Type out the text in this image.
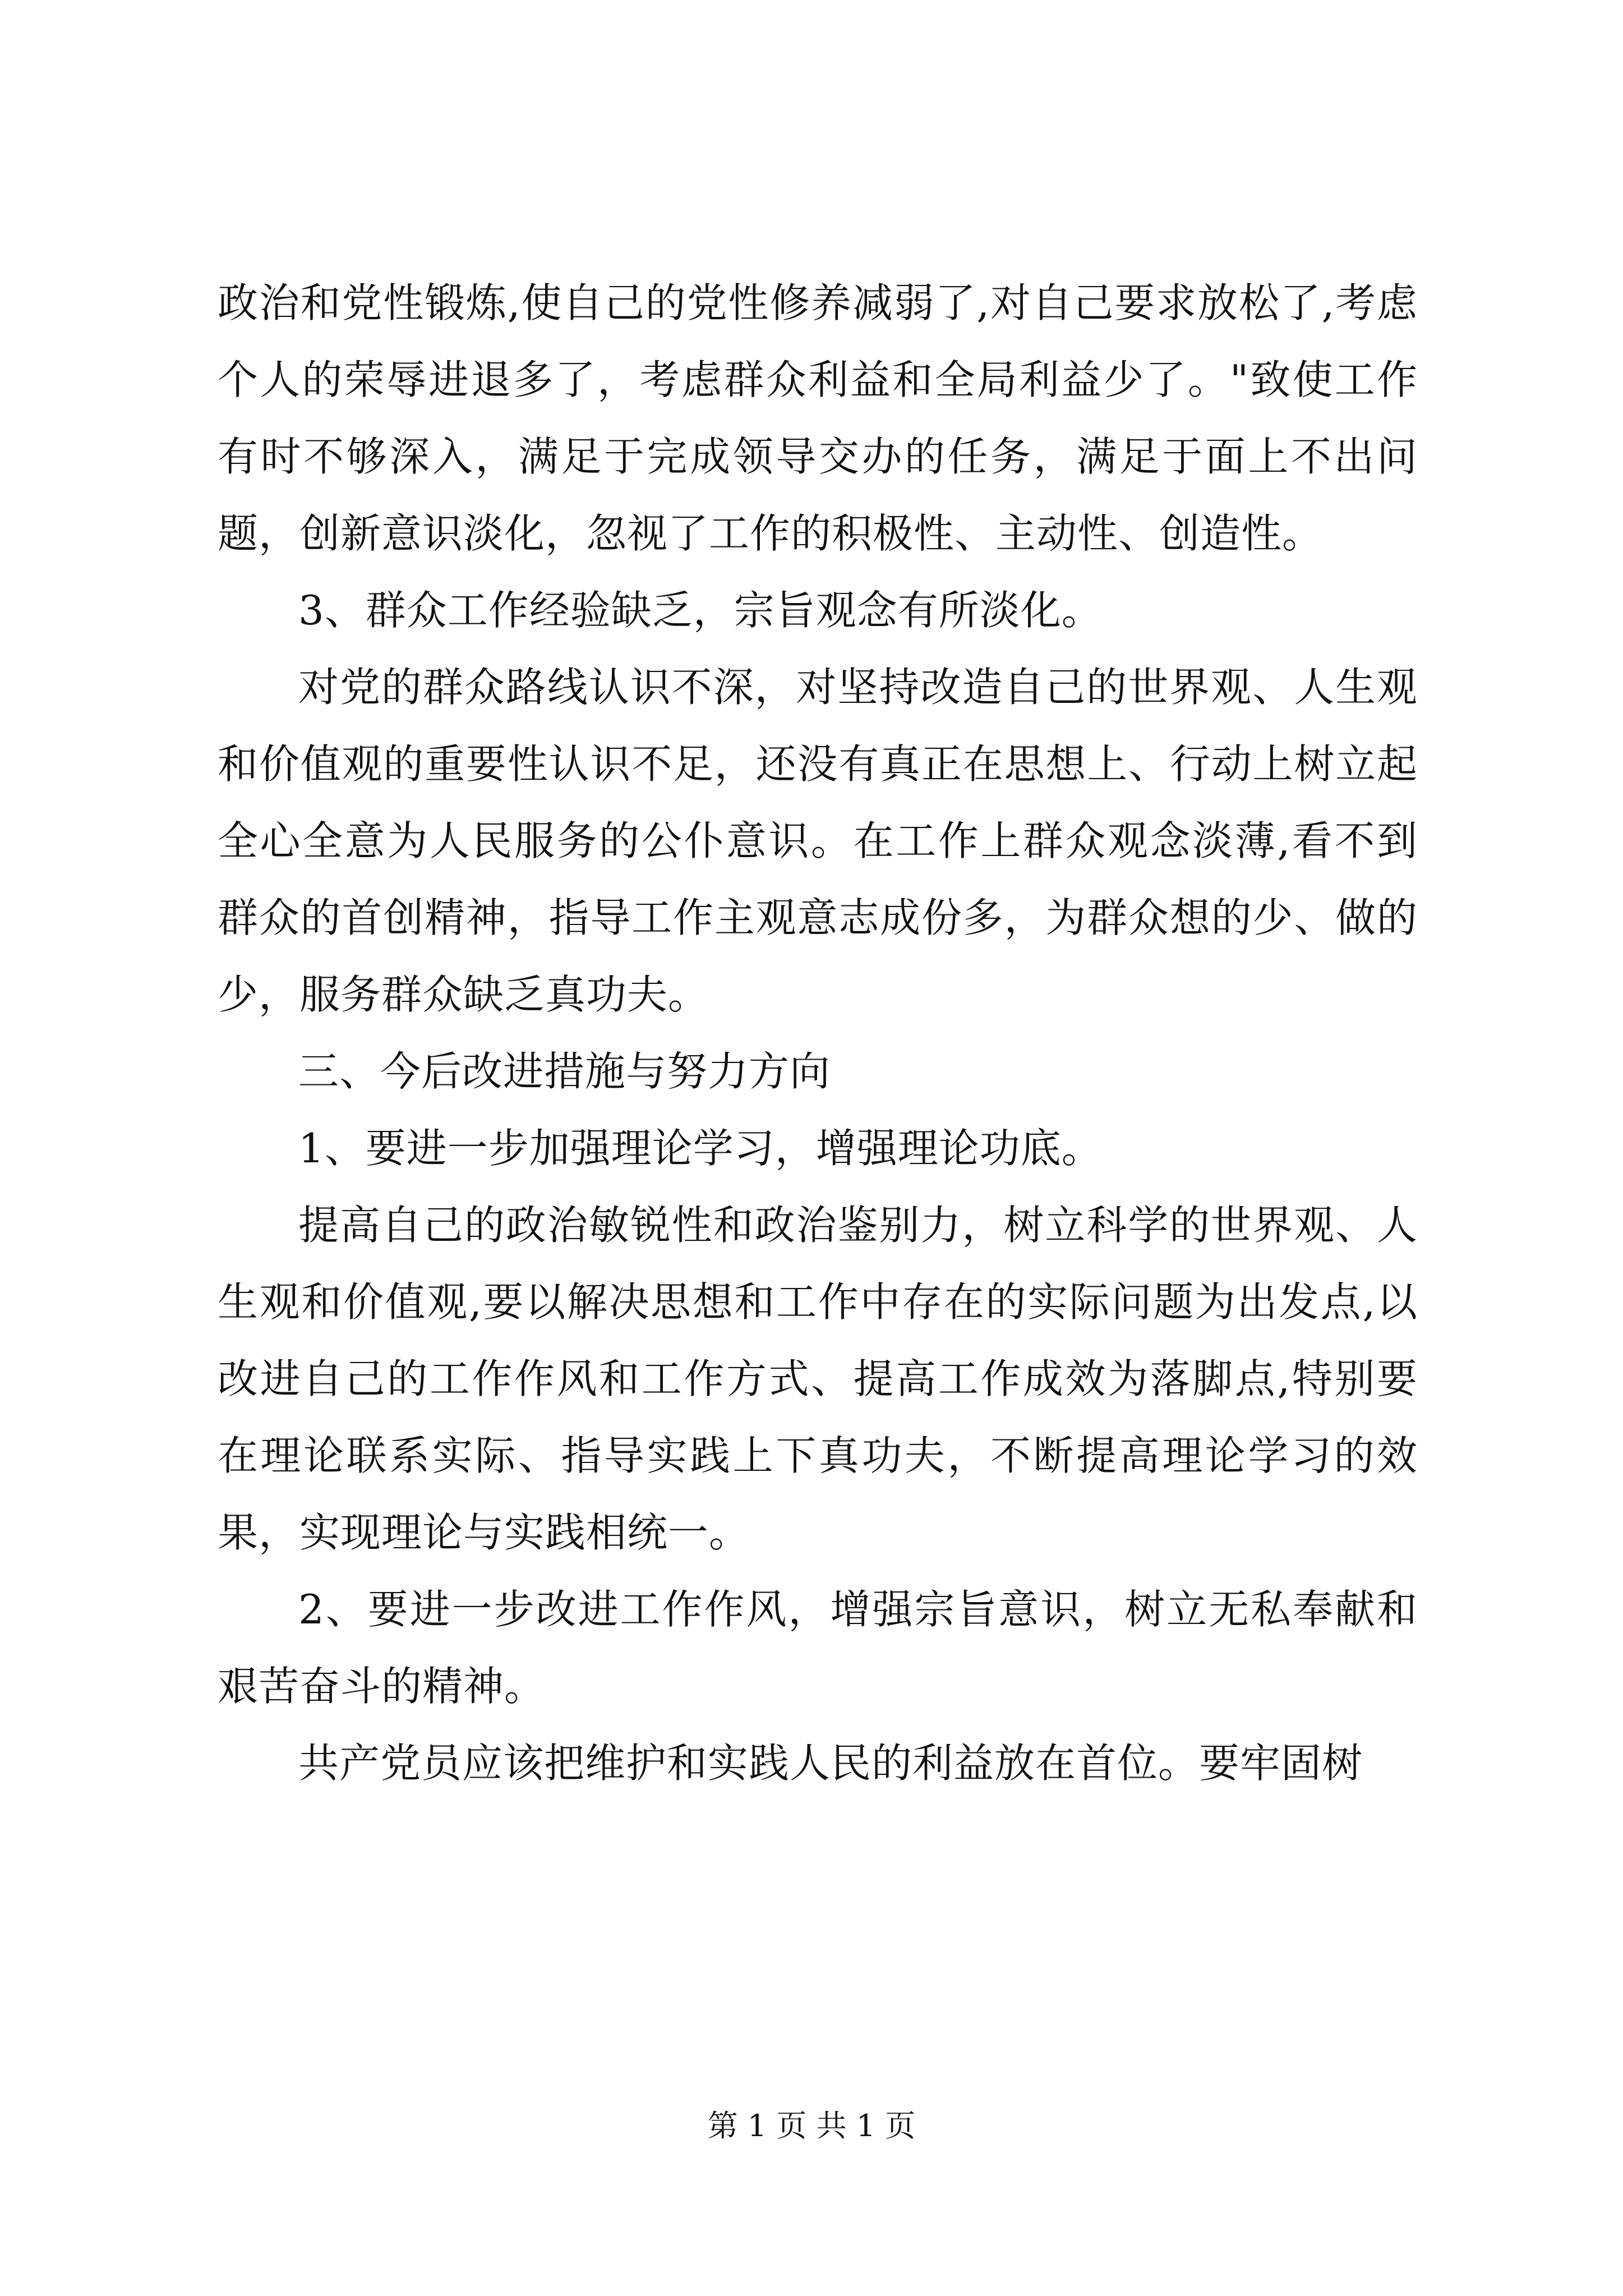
政治和党性锻炼,使自己的党性修养减弱了,对自己要求放松了,考虑个人的荣辱进退多了，考虑群众利益和全局利益少了。"致使工作有时不够深入，满足于完成领导交办的任务，满足于面上不出问题，创新意识淡化，忽视了工作的积极性、主动性、创造性。

3、群众工作经验缺乏，宗旨观念有所淡化。

对党的群众路线认识不深，对坚持改造自己的世界观、人生观和价值观的重要性认识不足，还没有真正在思想上、行动上树立起全心全意为人民服务的公仆意识。在工作上群众观念淡薄,看不到群众的首创精神，指导工作主观意志成份多，为群众想的少、做的少，服务群众缺乏真功夫。

三、今后改进措施与努力方向

1、要进一步加强理论学习，增强理论功底。

提高自己的政治敏锐性和政治鉴别力，树立科学的世界观、人生观和价值观,要以解决思想和工作中存在的实际问题为出发点,以改进自己的工作作风和工作方式、提高工作成效为落脚点,特别要在理论联系实际、指导实践上下真功夫，不断提高理论学习的效果，实现理论与实践相统一。

2、要进一步改进工作作风，增强宗旨意识，树立无私奉献和艰苦奋斗的精神。

共产党员应该把维护和实践人民的利益放在首位。要牢固树

第 1 页 共 1 页
